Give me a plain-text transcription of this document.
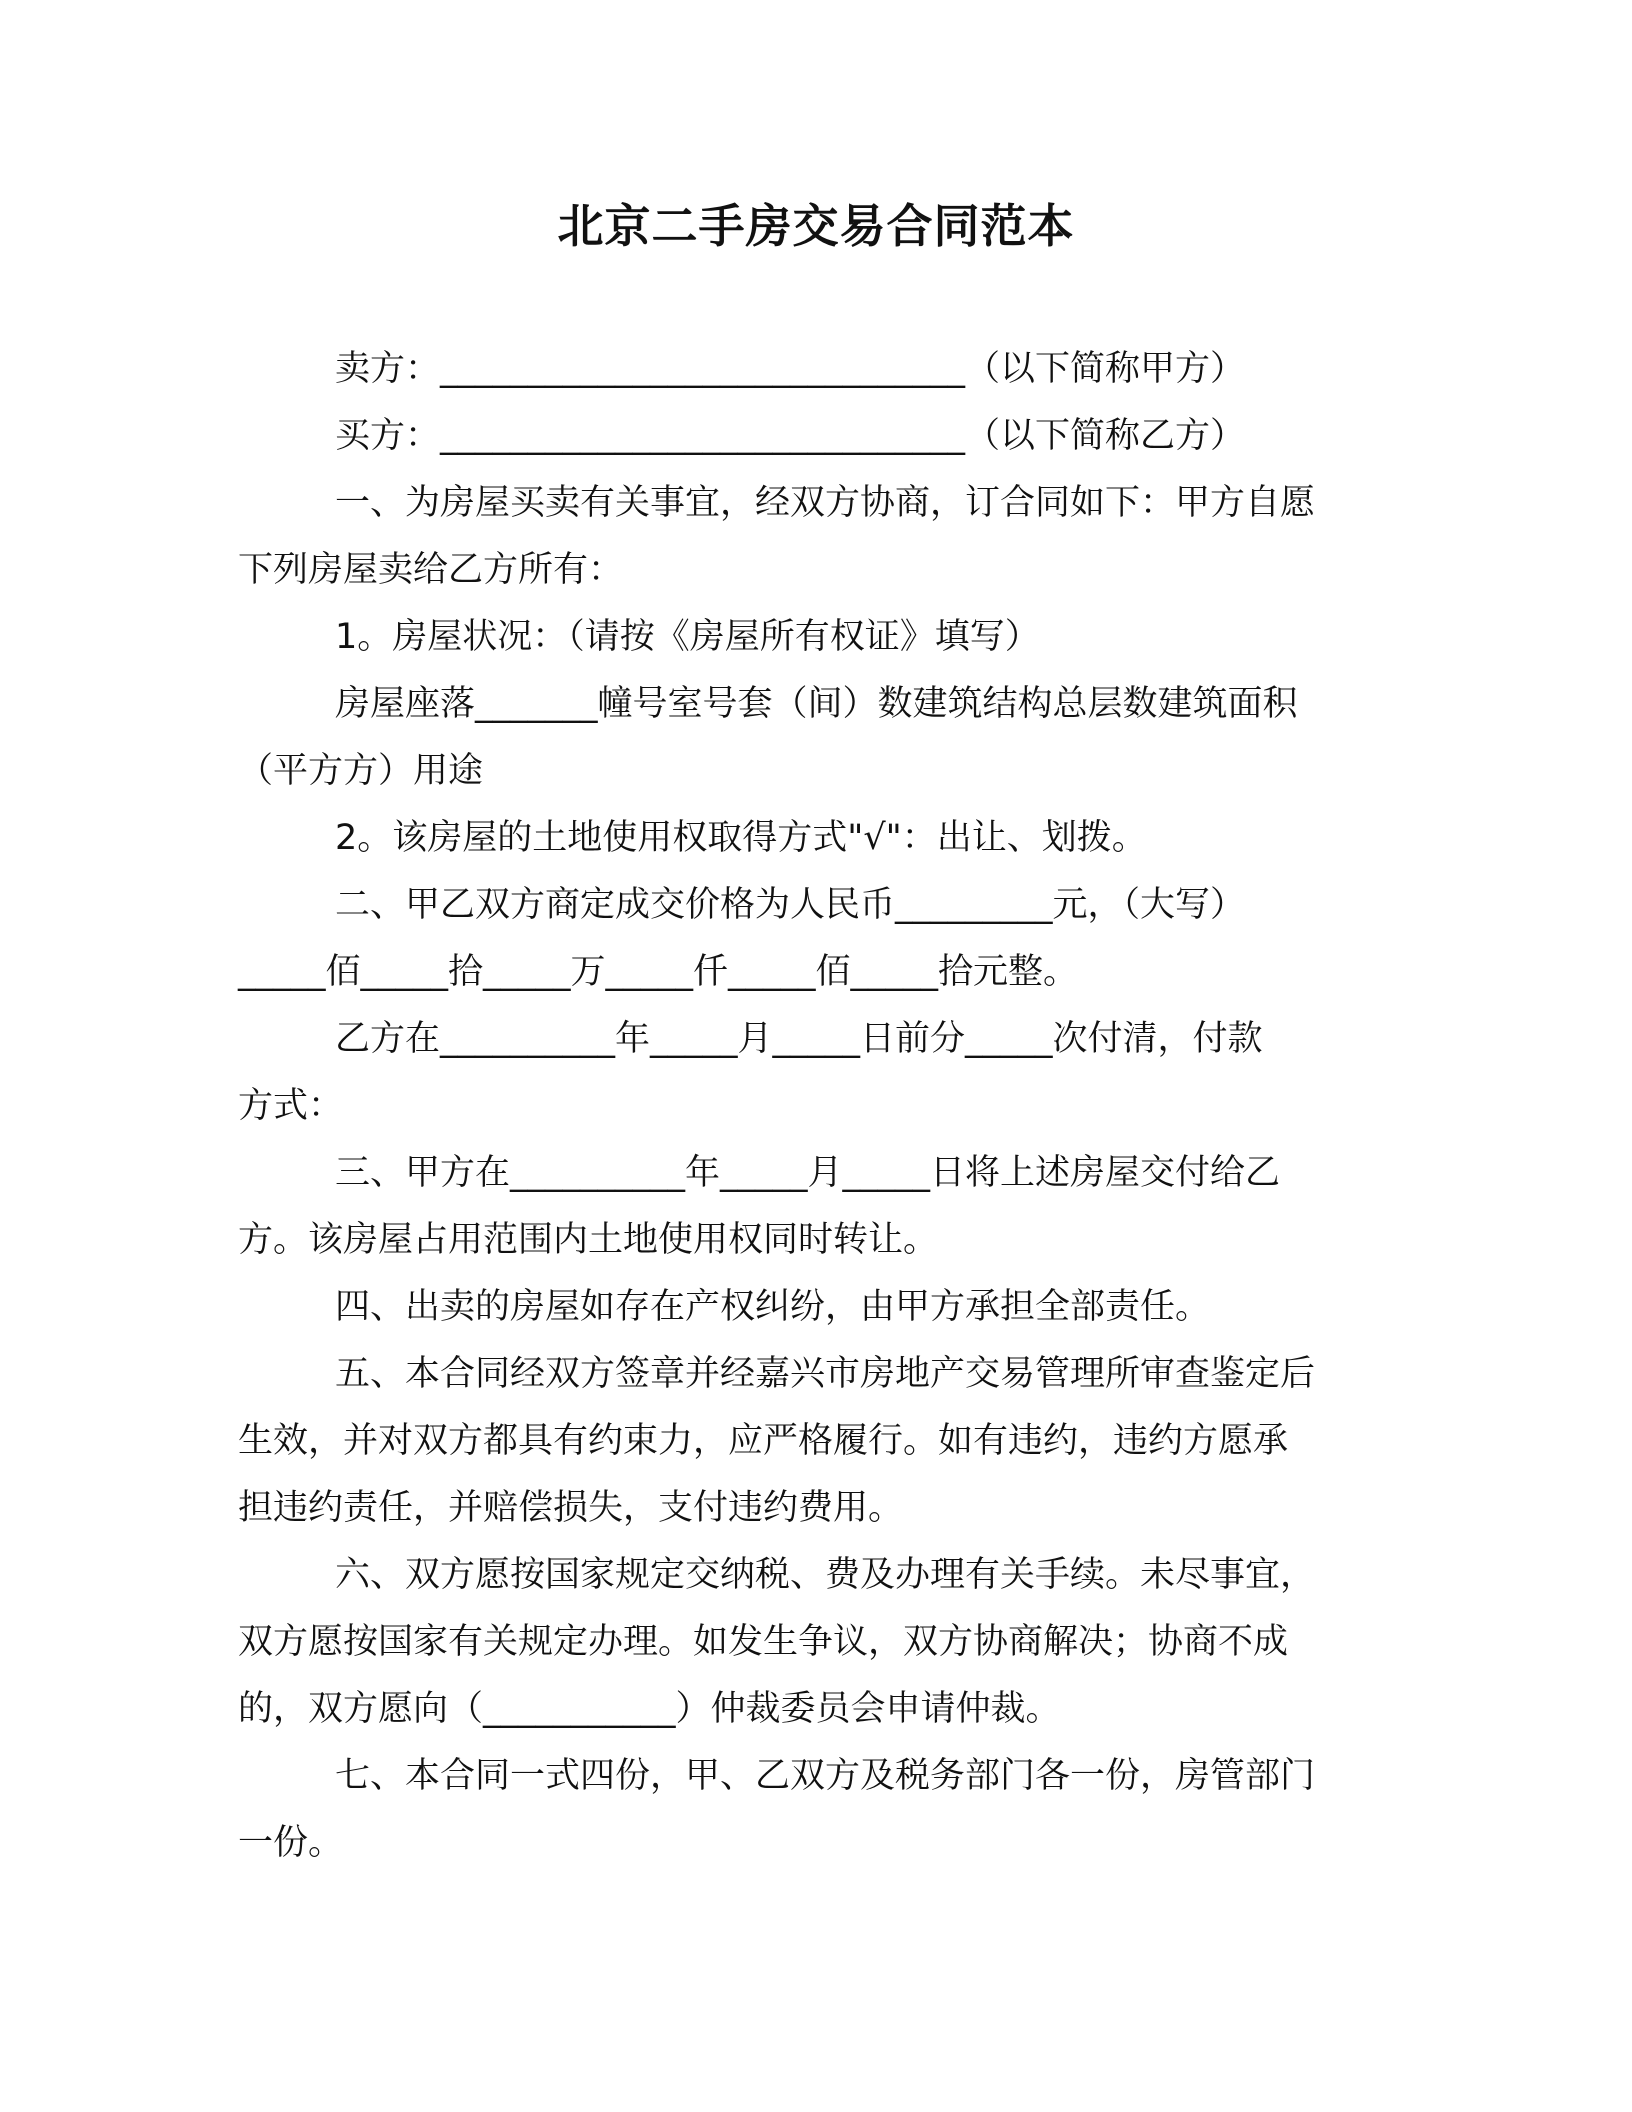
北京二手房交易合同范本
卖方：______________________________（以下简称甲方）
买方：______________________________（以下简称乙方）
一、为房屋买卖有关事宜，经双方协商，订合同如下：甲方自愿
下列房屋卖给乙方所有：
1。房屋状况：（请按《房屋所有权证》填写）
房屋座落_______幢号室号套（间）数建筑结构总层数建筑面积
（平方方）用途
2。该房屋的土地使用权取得方式"√"：出让、划拨。
二、甲乙双方商定成交价格为人民币_________元，（大写）
_____佰_____拾_____万_____仟_____佰_____拾元整。
乙方在__________年_____月_____日前分_____次付清，付款
方式：
三、甲方在__________年_____月_____日将上述房屋交付给乙
方。该房屋占用范围内土地使用权同时转让。
四、出卖的房屋如存在产权纠纷，由甲方承担全部责任。
五、本合同经双方签章并经嘉兴市房地产交易管理所审查鉴定后
生效，并对双方都具有约束力，应严格履行。如有违约，违约方愿承
担违约责任，并赔偿损失，支付违约费用。
六、双方愿按国家规定交纳税、费及办理有关手续。未尽事宜，
双方愿按国家有关规定办理。如发生争议，双方协商解决；协商不成
的，双方愿向（___________）仲裁委员会申请仲裁。
七、本合同一式四份，甲、乙双方及税务部门各一份，房管部门
一份。
